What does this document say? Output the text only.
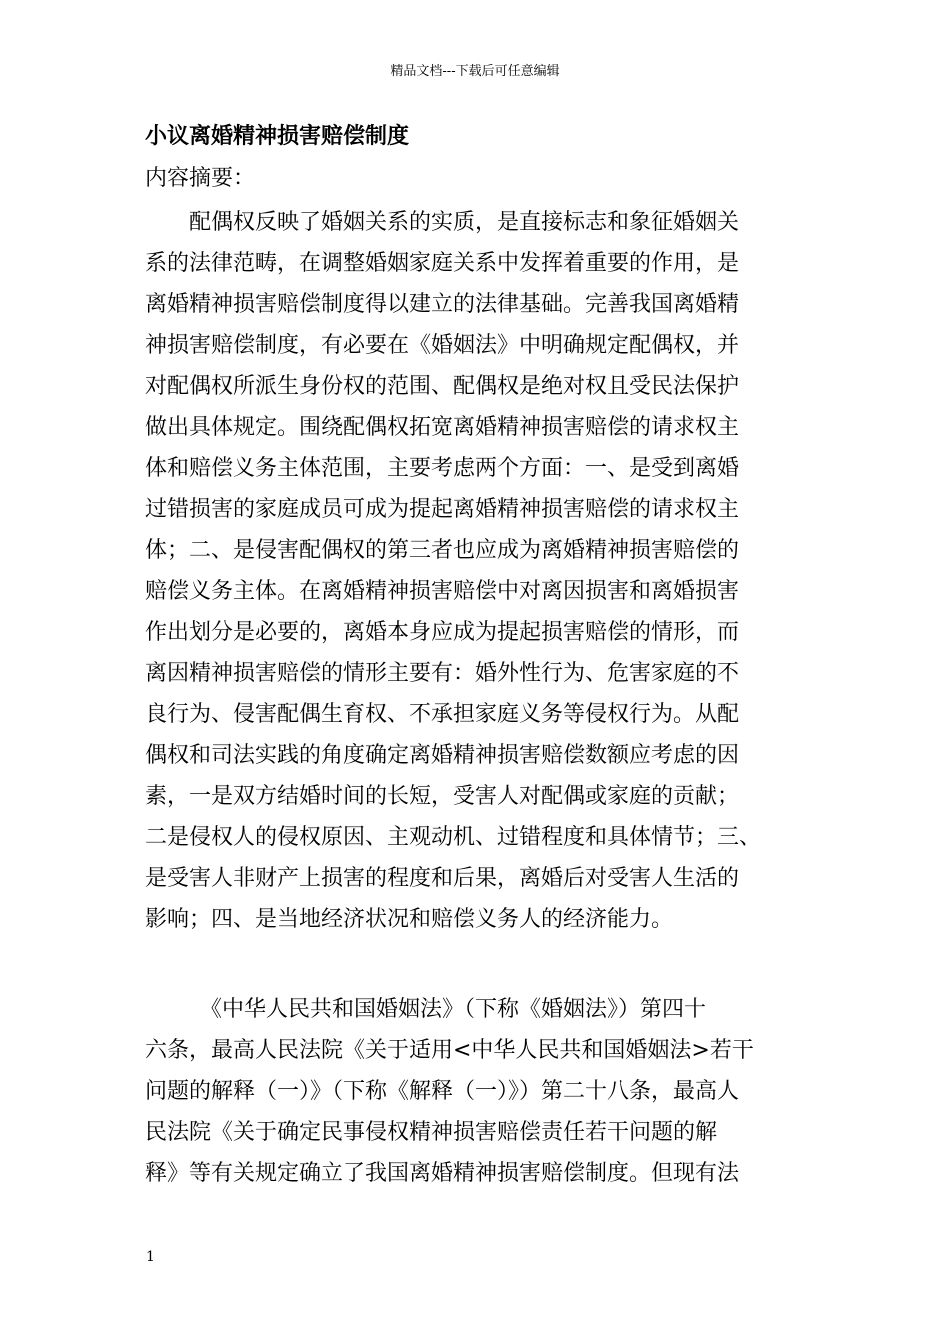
精品文档---下载后可任意编辑
小议离婚精神损害赔偿制度
内容摘要：
　　配偶权反映了婚姻关系的实质，是直接标志和象征婚姻关
系的法律范畴，在调整婚姻家庭关系中发挥着重要的作用，是
离婚精神损害赔偿制度得以建立的法律基础。完善我国离婚精
神损害赔偿制度，有必要在《婚姻法》中明确规定配偶权，并
对配偶权所派生身份权的范围、配偶权是绝对权且受民法保护
做出具体规定。围绕配偶权拓宽离婚精神损害赔偿的请求权主
体和赔偿义务主体范围，主要考虑两个方面：一、是受到离婚
过错损害的家庭成员可成为提起离婚精神损害赔偿的请求权主
体；二、是侵害配偶权的第三者也应成为离婚精神损害赔偿的
赔偿义务主体。在离婚精神损害赔偿中对离因损害和离婚损害
作出划分是必要的，离婚本身应成为提起损害赔偿的情形，而
离因精神损害赔偿的情形主要有：婚外性行为、危害家庭的不
良行为、侵害配偶生育权、不承担家庭义务等侵权行为。从配
偶权和司法实践的角度确定离婚精神损害赔偿数额应考虑的因
素，一是双方结婚时间的长短，受害人对配偶或家庭的贡献；
二是侵权人的侵权原因、主观动机、过错程度和具体情节；三、
是受害人非财产上损害的程度和后果，离婚后对受害人生活的
影响；四、是当地经济状况和赔偿义务人的经济能力。
　　　《中华人民共和国婚姻法》（下称《婚姻法》）第四十
六条，最高人民法院《关于适用<中华人民共和国婚姻法>若干
问题的解释（一）》（下称《解释（一）》）第二十八条，最高人
民法院《关于确定民事侵权精神损害赔偿责任若干问题的解
释》等有关规定确立了我国离婚精神损害赔偿制度。但现有法
1
